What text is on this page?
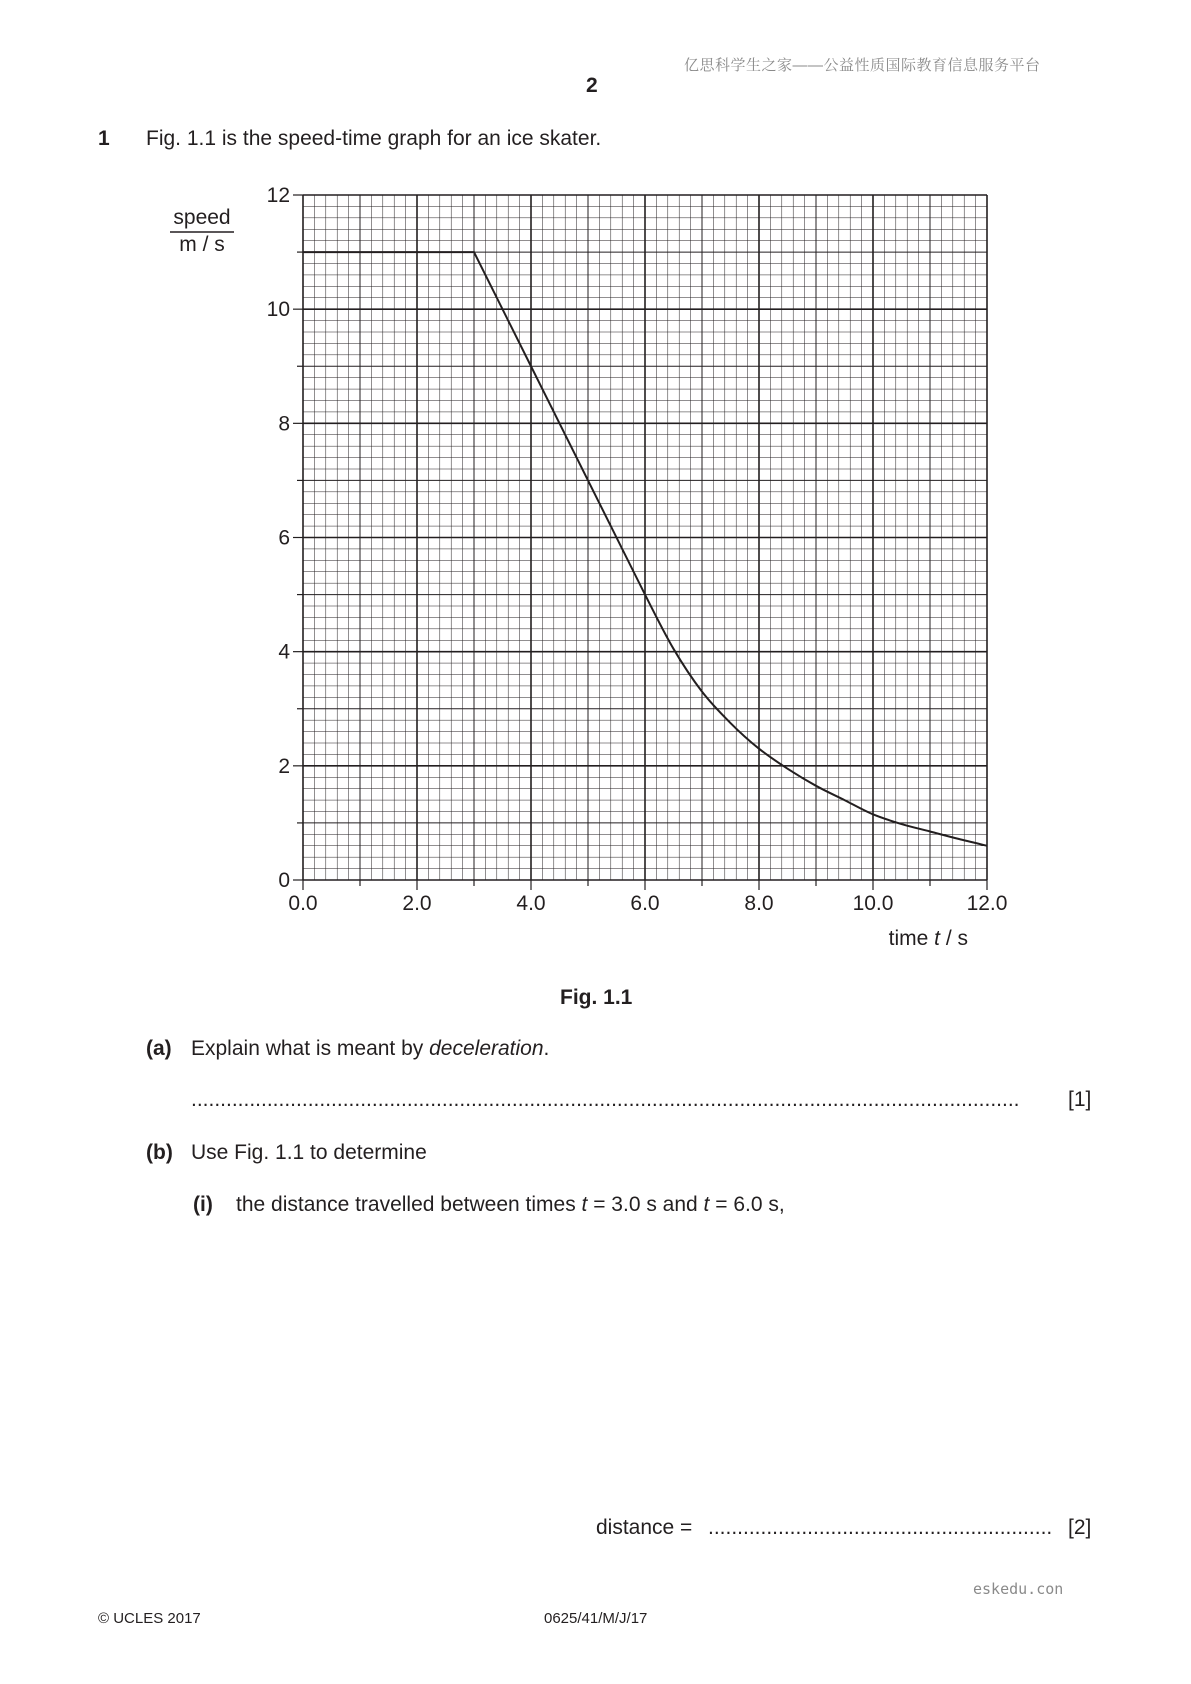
亿思科学生之家——公益性质国际教育信息服务平台
2
1 Fig. 1.1 is the speed-time graph for an ice skater.
0
2
4
6
8
10
12
0.0	2.0	4.0	6.0	8.0	10.0	12.0
speed
m / s
time t / s
Fig. 1.1
(a) Explain what is meant by deceleration.
..............................................................................................................................................	[1]
(b) Use Fig. 1.1 to determine
(i) the distance travelled between times t = 3.0 s and t = 6.0 s,
distance = ........................................................... [2]
eskedu.con
© UCLES 2017	0625/41/M/J/17
